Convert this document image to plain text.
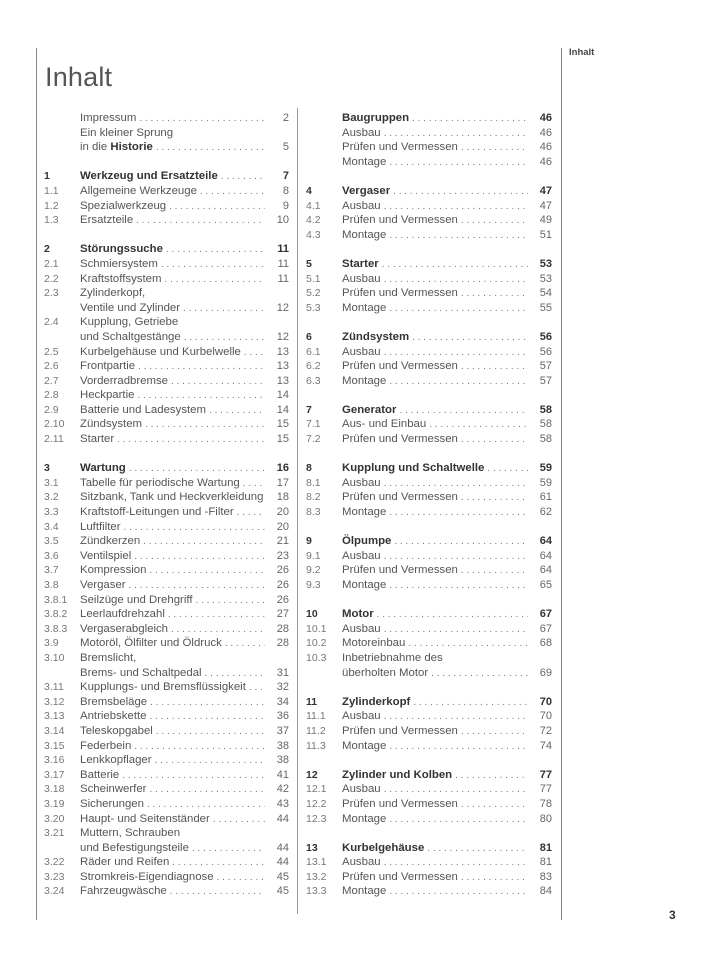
Inhalt
Inhalt
3
Impressum . . .	2
Ein kleiner Sprung
in die Historie . . .	5
1	Werkzeug und Ersatzteile . . .	7
1.1	Allgemeine Werkzeuge . . .	8
1.2	Spezialwerkzeug . . .	9
1.3	Ersatzteile . . .	10
2	Störungssuche . . .	11
2.1	Schmiersystem . . .	11
2.2	Kraftstoffsystem . . .	11
2.3	Zylinderkopf,
Ventile und Zylinder . . .	12
2.4	Kupplung, Getriebe
und Schaltgestänge . . .	12
2.5	Kurbelgehäuse und Kurbelwelle . . .	13
2.6	Frontpartie . . .	13
2.7	Vorderradbremse . . .	13
2.8	Heckpartie . . .	14
2.9	Batterie und Ladesystem . . .	14
2.10	Zündsystem . . .	15
2.11	Starter . . .	15
3	Wartung . . .	16
3.1	Tabelle für periodische Wartung . . .	17
3.2	Sitzbank, Tank und Heckverkleidung	18
3.3	Kraftstoff-Leitungen und -Filter . . .	20
3.4	Luftfilter . . .	20
3.5	Zündkerzen . . .	21
3.6	Ventilspiel . . .	23
3.7	Kompression . . .	26
3.8	Vergaser . . .	26
3.8.1	Seilzüge und Drehgriff . . .	26
3.8.2	Leerlaufdrehzahl . . .	27
3.8.3	Vergaserabgleich . . .	28
3.9	Motoröl, Ölfilter und Öldruck . . .	28
3.10	Bremslicht,
Brems- und Schaltpedal . . .	31
3.11	Kupplungs- und Bremsflüssigkeit . . .	32
3.12	Bremsbeläge . . .	34
3.13	Antriebskette . . .	36
3.14	Teleskopgabel . . .	37
3.15	Federbein . . .	38
3.16	Lenkkopflager . . .	38
3.17	Batterie . . .	41
3.18	Scheinwerfer . . .	42
3.19	Sicherungen . . .	43
3.20	Haupt- und Seitenständer . . .	44
3.21	Muttern, Schrauben
und Befestigungsteile . . .	44
3.22	Räder und Reifen . . .	44
3.23	Stromkreis-Eigendiagnose . . .	45
3.24	Fahrzeugwäsche . . .	45
Baugruppen . . .	46
Ausbau . . .	46
Prüfen und Vermessen . . .	46
Montage . . .	46
4	Vergaser . . .	47
4.1	Ausbau . . .	47
4.2	Prüfen und Vermessen . . .	49
4.3	Montage . . .	51
5	Starter . . .	53
5.1	Ausbau . . .	53
5.2	Prüfen und Vermessen . . .	54
5.3	Montage . . .	55
6	Zündsystem . . .	56
6.1	Ausbau . . .	56
6.2	Prüfen und Vermessen . . .	57
6.3	Montage . . .	57
7	Generator . . .	58
7.1	Aus- und Einbau . . .	58
7.2	Prüfen und Vermessen . . .	58
8	Kupplung und Schaltwelle . . .	59
8.1	Ausbau . . .	59
8.2	Prüfen und Vermessen . . .	61
8.3	Montage . . .	62
9	Ölpumpe . . .	64
9.1	Ausbau . . .	64
9.2	Prüfen und Vermessen . . .	64
9.3	Montage . . .	65
10	Motor . . .	67
10.1	Ausbau . . .	67
10.2	Motoreinbau . . .	68
10.3	Inbetriebnahme des
überholten Motor . . .	69
11	Zylinderkopf . . .	70
11.1	Ausbau . . .	70
11.2	Prüfen und Vermessen . . .	72
11.3	Montage . . .	74
12	Zylinder und Kolben . . .	77
12.1	Ausbau . . .	77
12.2	Prüfen und Vermessen . . .	78
12.3	Montage . . .	80
13	Kurbelgehäuse . . .	81
13.1	Ausbau . . .	81
13.2	Prüfen und Vermessen . . .	83
13.3	Montage . . .	84
